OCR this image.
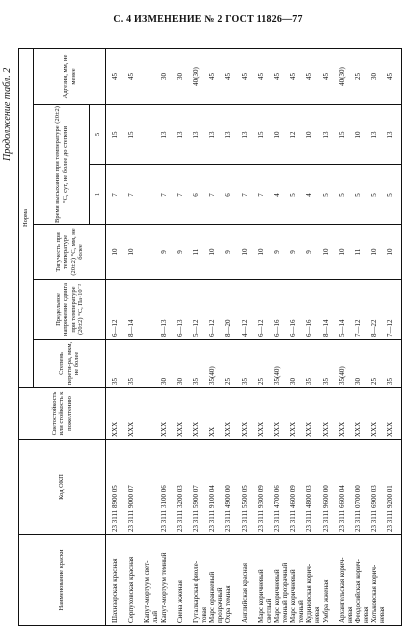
С. 4 ИЗМЕНЕНИЕ № 2 ГОСТ 11826—77
Продолжение табл. 2
Наименование краски
Код ОКП
Светостойкость или стойкость к пожелтению
Норма
Степень перети-ра, мкм, не более
Предельное напряжение сдвига при температуре (20±2) °С, Па·10⁻²
Тягучесть при температуре (20±2) °С, мм, не более
Время высыхания при температуре (20±2) °С, сут, не более до степени	1
5
Адгезия, мм, не менее
Шахнзарская красная
23 3111 8900 05
XXX
35
6—12
10
7
15
45
Серпуховская красная
23 3111 9000 07
XXX
35
8—14
10
7
15
45
Капут-мортуум свет- лый Капут-мортуум темный
23 3111 3100 06
XXX
30
8—13
9
7
13
30
Сиена жженая
23 3111 3200 03
XXX
30
6—13
9
7
13
30
Гуталкарская фиоле- товая
23 3111 5900 07
XXX
35
5—12
11
6
13
40(30)
Марс оранжевый прозрачный
23 3111 9100 04
XX
35(40)
6—12
10
7
13
45
Охра темная
23 3111 4900 00
XXX
25
8—20
9
6
13
45
Английская красная
23 3111 5500 05
XXX
35
4—12
10
7
13
45
Марс коричневый светлый
23 3111 9300 09
XXX
25
6—12
10
7
15
45
Марс коричневый темный прозрачный
23 3111 4700 06
XXX
35(40)
6—16
9
4
10
45
Марс коричневый темный
23 3111 4600 09
XXX
30
6—16
9
5
12
45
Кудиновская корич- невая
23 3111 4800 03
XXX
35
6—16
9
4
10
45
Умбра жженая
23 3111 9600 00
XXX
35
8—14
10
5
13
45
Архангельская корич- невая
23 3111 6600 04
XXX
35(40)
5—14
10
5
15
40(30)
Феодосийская корич- невая
23 3111 0700 00
XXX
30
7—12
11
5
10
25
Хотьковская корич- невая
23 3111 6900 03
XXX
25
8—22
10
5
13
30
23 3111 9200 01
XXX
35
7—12
10
5
13
45
